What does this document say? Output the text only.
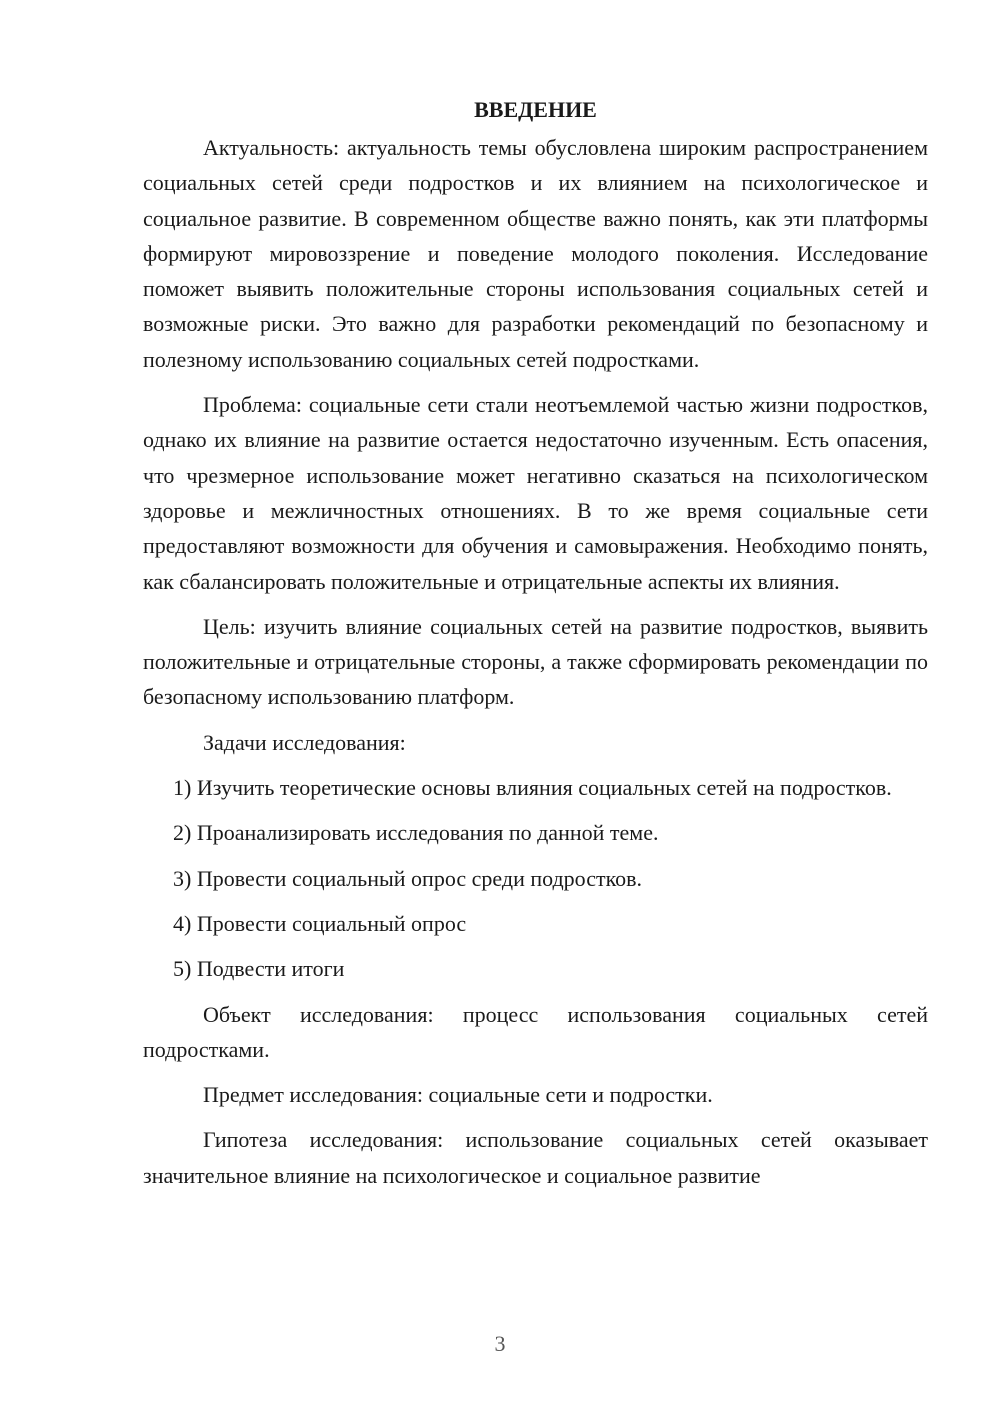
ВВЕДЕНИЕ

Актуальность: актуальность темы обусловлена широким распространением социальных сетей среди подростков и их влиянием на психологическое и социальное развитие. В современном обществе важно понять, как эти платформы формируют мировоззрение и поведение молодого поколения. Исследование поможет выявить положительные стороны использования социальных сетей и возможные риски. Это важно для разработки рекомендаций по безопасному и полезному использованию социальных сетей подростками.

Проблема: социальные сети стали неотъемлемой частью жизни подростков, однако их влияние на развитие остается недостаточно изученным. Есть опасения, что чрезмерное использование может негативно сказаться на психологическом здоровье и межличностных отношениях. В то же время социальные сети предоставляют возможности для обучения и самовыражения. Необходимо понять, как сбалансировать положительные и отрицательные аспекты их влияния.

Цель: изучить влияние социальных сетей на развитие подростков, выявить положительные и отрицательные стороны, а также сформировать рекомендации по безопасному использованию платформ.

Задачи исследования:

1) Изучить теоретические основы влияния социальных сетей на подростков.

2) Проанализировать исследования по данной теме.

3) Провести социальный опрос среди подростков.

4) Провести социальный опрос

5) Подвести итоги

Объект исследования: процесс использования социальных сетей подростками.

Предмет исследования: социальные сети и подростки.

Гипотеза исследования: использование социальных сетей оказывает значительное влияние на психологическое и социальное развитие

3
